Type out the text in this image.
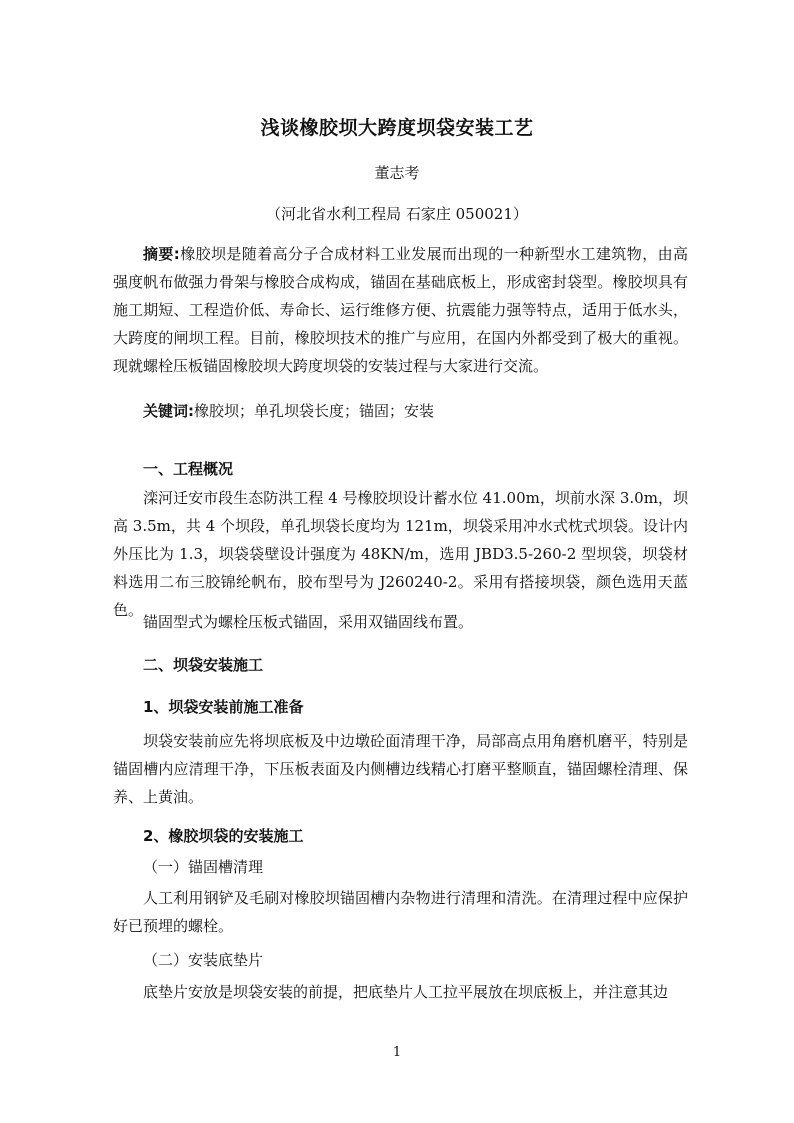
浅谈橡胶坝大跨度坝袋安装工艺
董志考
（河北省水利工程局 石家庄 050021）
摘要:橡胶坝是随着高分子合成材料工业发展而出现的一种新型水工建筑物，由高强度帆布做强力骨架与橡胶合成构成，锚固在基础底板上，形成密封袋型。橡胶坝具有施工期短、工程造价低、寿命长、运行维修方便、抗震能力强等特点，适用于低水头，大跨度的闸坝工程。目前，橡胶坝技术的推广与应用，在国内外都受到了极大的重视。现就螺栓压板锚固橡胶坝大跨度坝袋的安装过程与大家进行交流。
关键词:橡胶坝；单孔坝袋长度；锚固；安装
一、工程概况
滦河迁安市段生态防洪工程 4 号橡胶坝设计蓄水位 41.00m，坝前水深 3.0m，坝高 3.5m，共 4 个坝段，单孔坝袋长度均为 121m，坝袋采用冲水式枕式坝袋。设计内外压比为 1.3，坝袋袋壁设计强度为 48KN/m，选用 JBD3.5-260-2 型坝袋，坝袋材料选用二布三胶锦纶帆布，胶布型号为 J260240-2。采用有搭接坝袋，颜色选用天蓝色。
锚固型式为螺栓压板式锚固，采用双锚固线布置。
二、坝袋安装施工
1、坝袋安装前施工准备
坝袋安装前应先将坝底板及中边墩砼面清理干净，局部高点用角磨机磨平，特别是锚固槽内应清理干净，下压板表面及内侧槽边线精心打磨平整顺直，锚固螺栓清理、保养、上黄油。
2、橡胶坝袋的安装施工
（一）锚固槽清理
人工利用钢铲及毛刷对橡胶坝锚固槽内杂物进行清理和清洗。在清理过程中应保护好已预埋的螺栓。
（二）安装底垫片
底垫片安放是坝袋安装的前提，把底垫片人工拉平展放在坝底板上，并注意其边
1
